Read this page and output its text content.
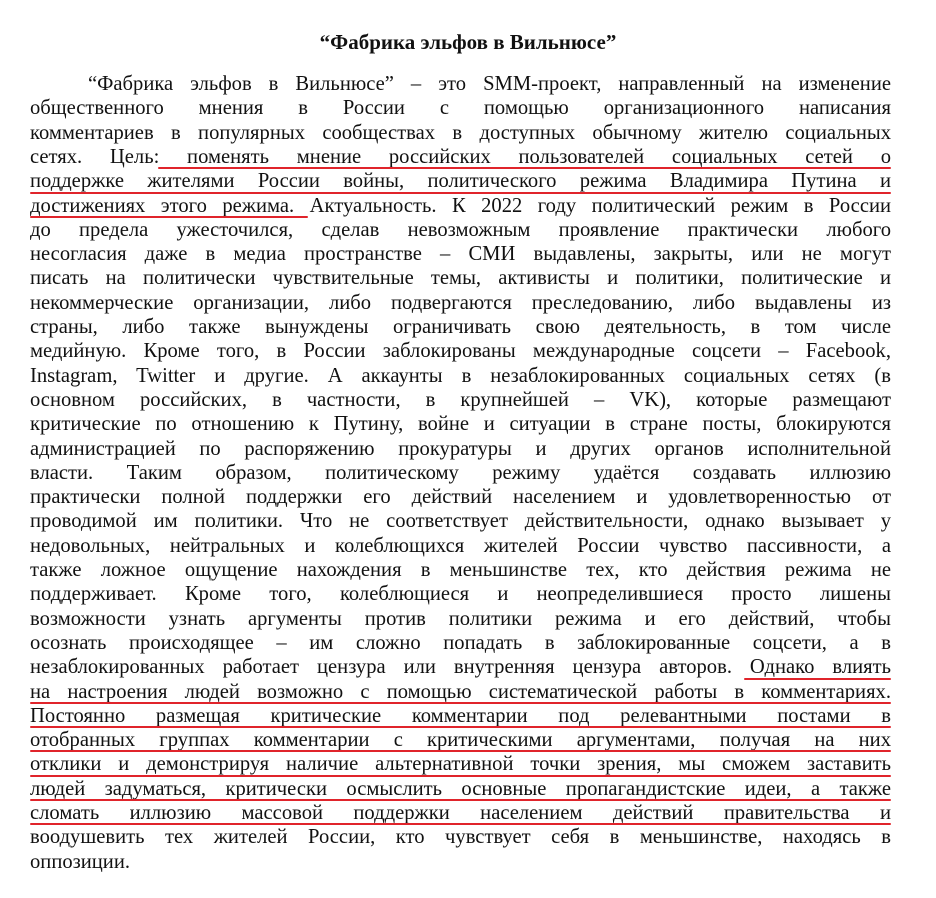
“Фабрика эльфов в Вильнюсе”
“Фабрика эльфов в Вильнюсе” – это SMM-проект, направленный на изменение
общественного мнения в России с помощью организационного написания
комментариев в популярных сообществах в доступных обычному жителю социальных
сетях. Цель: поменять мнение российских пользователей социальных сетей о
поддержке жителями России войны, политического режима Владимира Путина и
достижениях этого режима. Актуальность. К 2022 году политический режим в России
до предела ужесточился, сделав невозможным проявление практически любого
несогласия даже в медиа пространстве – СМИ выдавлены, закрыты, или не могут
писать на политически чувствительные темы, активисты и политики, политические и
некоммерческие организации, либо подвергаются преследованию, либо выдавлены из
страны, либо также вынуждены ограничивать свою деятельность, в том числе
медийную. Кроме того, в России заблокированы международные соцсети – Facebook,
Instagram, Twitter и другие. А аккаунты в незаблокированных социальных сетях (в
основном российских, в частности, в крупнейшей – VK), которые размещают
критические по отношению к Путину, войне и ситуации в стране посты, блокируются
администрацией по распоряжению прокуратуры и других органов исполнительной
власти. Таким образом, политическому режиму удаётся создавать иллюзию
практически полной поддержки его действий населением и удовлетворенностью от
проводимой им политики. Что не соответствует действительности, однако вызывает у
недовольных, нейтральных и колеблющихся жителей России чувство пассивности, а
также ложное ощущение нахождения в меньшинстве тех, кто действия режима не
поддерживает. Кроме того, колеблющиеся и неопределившиеся просто лишены
возможности узнать аргументы против политики режима и его действий, чтобы
осознать происходящее – им сложно попадать в заблокированные соцсети, а в
незаблокированных работает цензура или внутренняя цензура авторов. Однако влиять
на настроения людей возможно с помощью систематической работы в комментариях.
Постоянно размещая критические комментарии под релевантными постами в
отобранных группах комментарии с критическими аргументами, получая на них
отклики и демонстрируя наличие альтернативной точки зрения, мы сможем заставить
людей задуматься, критически осмыслить основные пропагандистские идеи, а также
сломать иллюзию массовой поддержки населением действий правительства и
воодушевить тех жителей России, кто чувствует себя в меньшинстве, находясь в
оппозиции.
